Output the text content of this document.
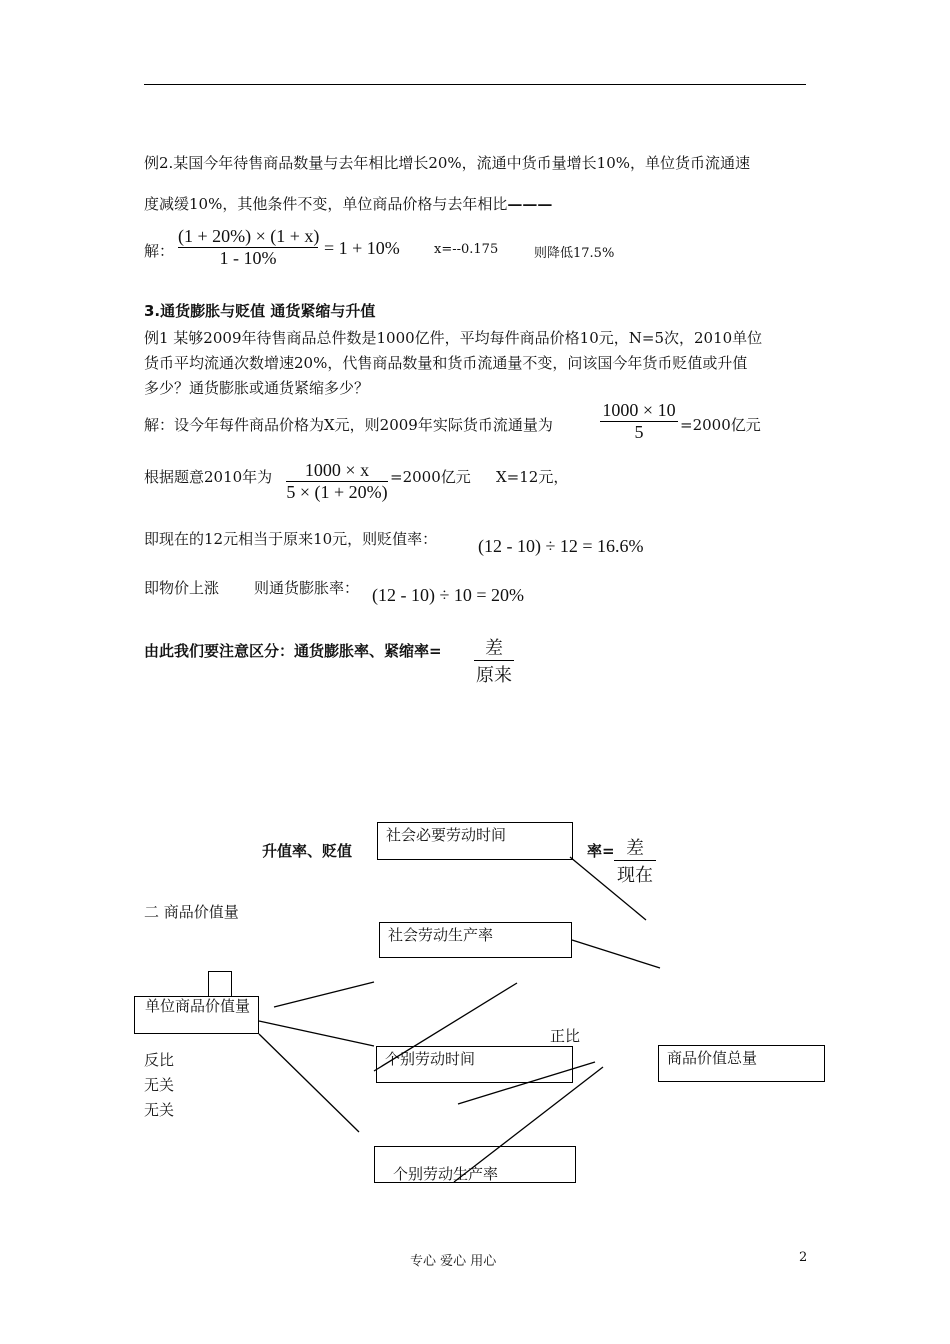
例2.某国今年待售商品数量与去年相比增长20%，流通中货币量增长10%，单位货币流通速
度减缓10%，其他条件不变，单位商品价格与去年相比———
解：
(1 + 20%) × (1 + x)
1 - 10%	= 1 + 10%	x=--0.175	则降低17.5%
3.通货膨胀与贬值 通货紧缩与升值
例1 某够2009年待售商品总件数是1000亿件，平均每件商品价格10元，N=5次，2010单位
货币平均流通次数增速20%，代售商品数量和货币流通量不变，问该国今年货币贬值或升值
多少？通货膨胀或通货紧缩多少？
解：设今年每件商品价格为X元，则2009年实际货币流通量为
1000 × 10
5	=2000亿元
根据题意2010年为	1000 × x
5 × (1 + 20%)
=2000亿元 X=12元，
即现在的12元相当于原来10元，则贬值率： (12 - 10) ÷ 12 = 16.6%
即物价上涨 则通货膨胀率： (12 - 10) ÷ 10 = 20%
由此我们要注意区分：通货膨胀率、紧缩率=	差
原来
升值率、贬值
社会必要劳动时间
率= 差
现在
二 商品价值量
社会劳动生产率
单位商品价值量
正比
个别劳动时间	商品价值总量
反比
无关
无关
个别劳动生产率
专心 爱心 用心	2
